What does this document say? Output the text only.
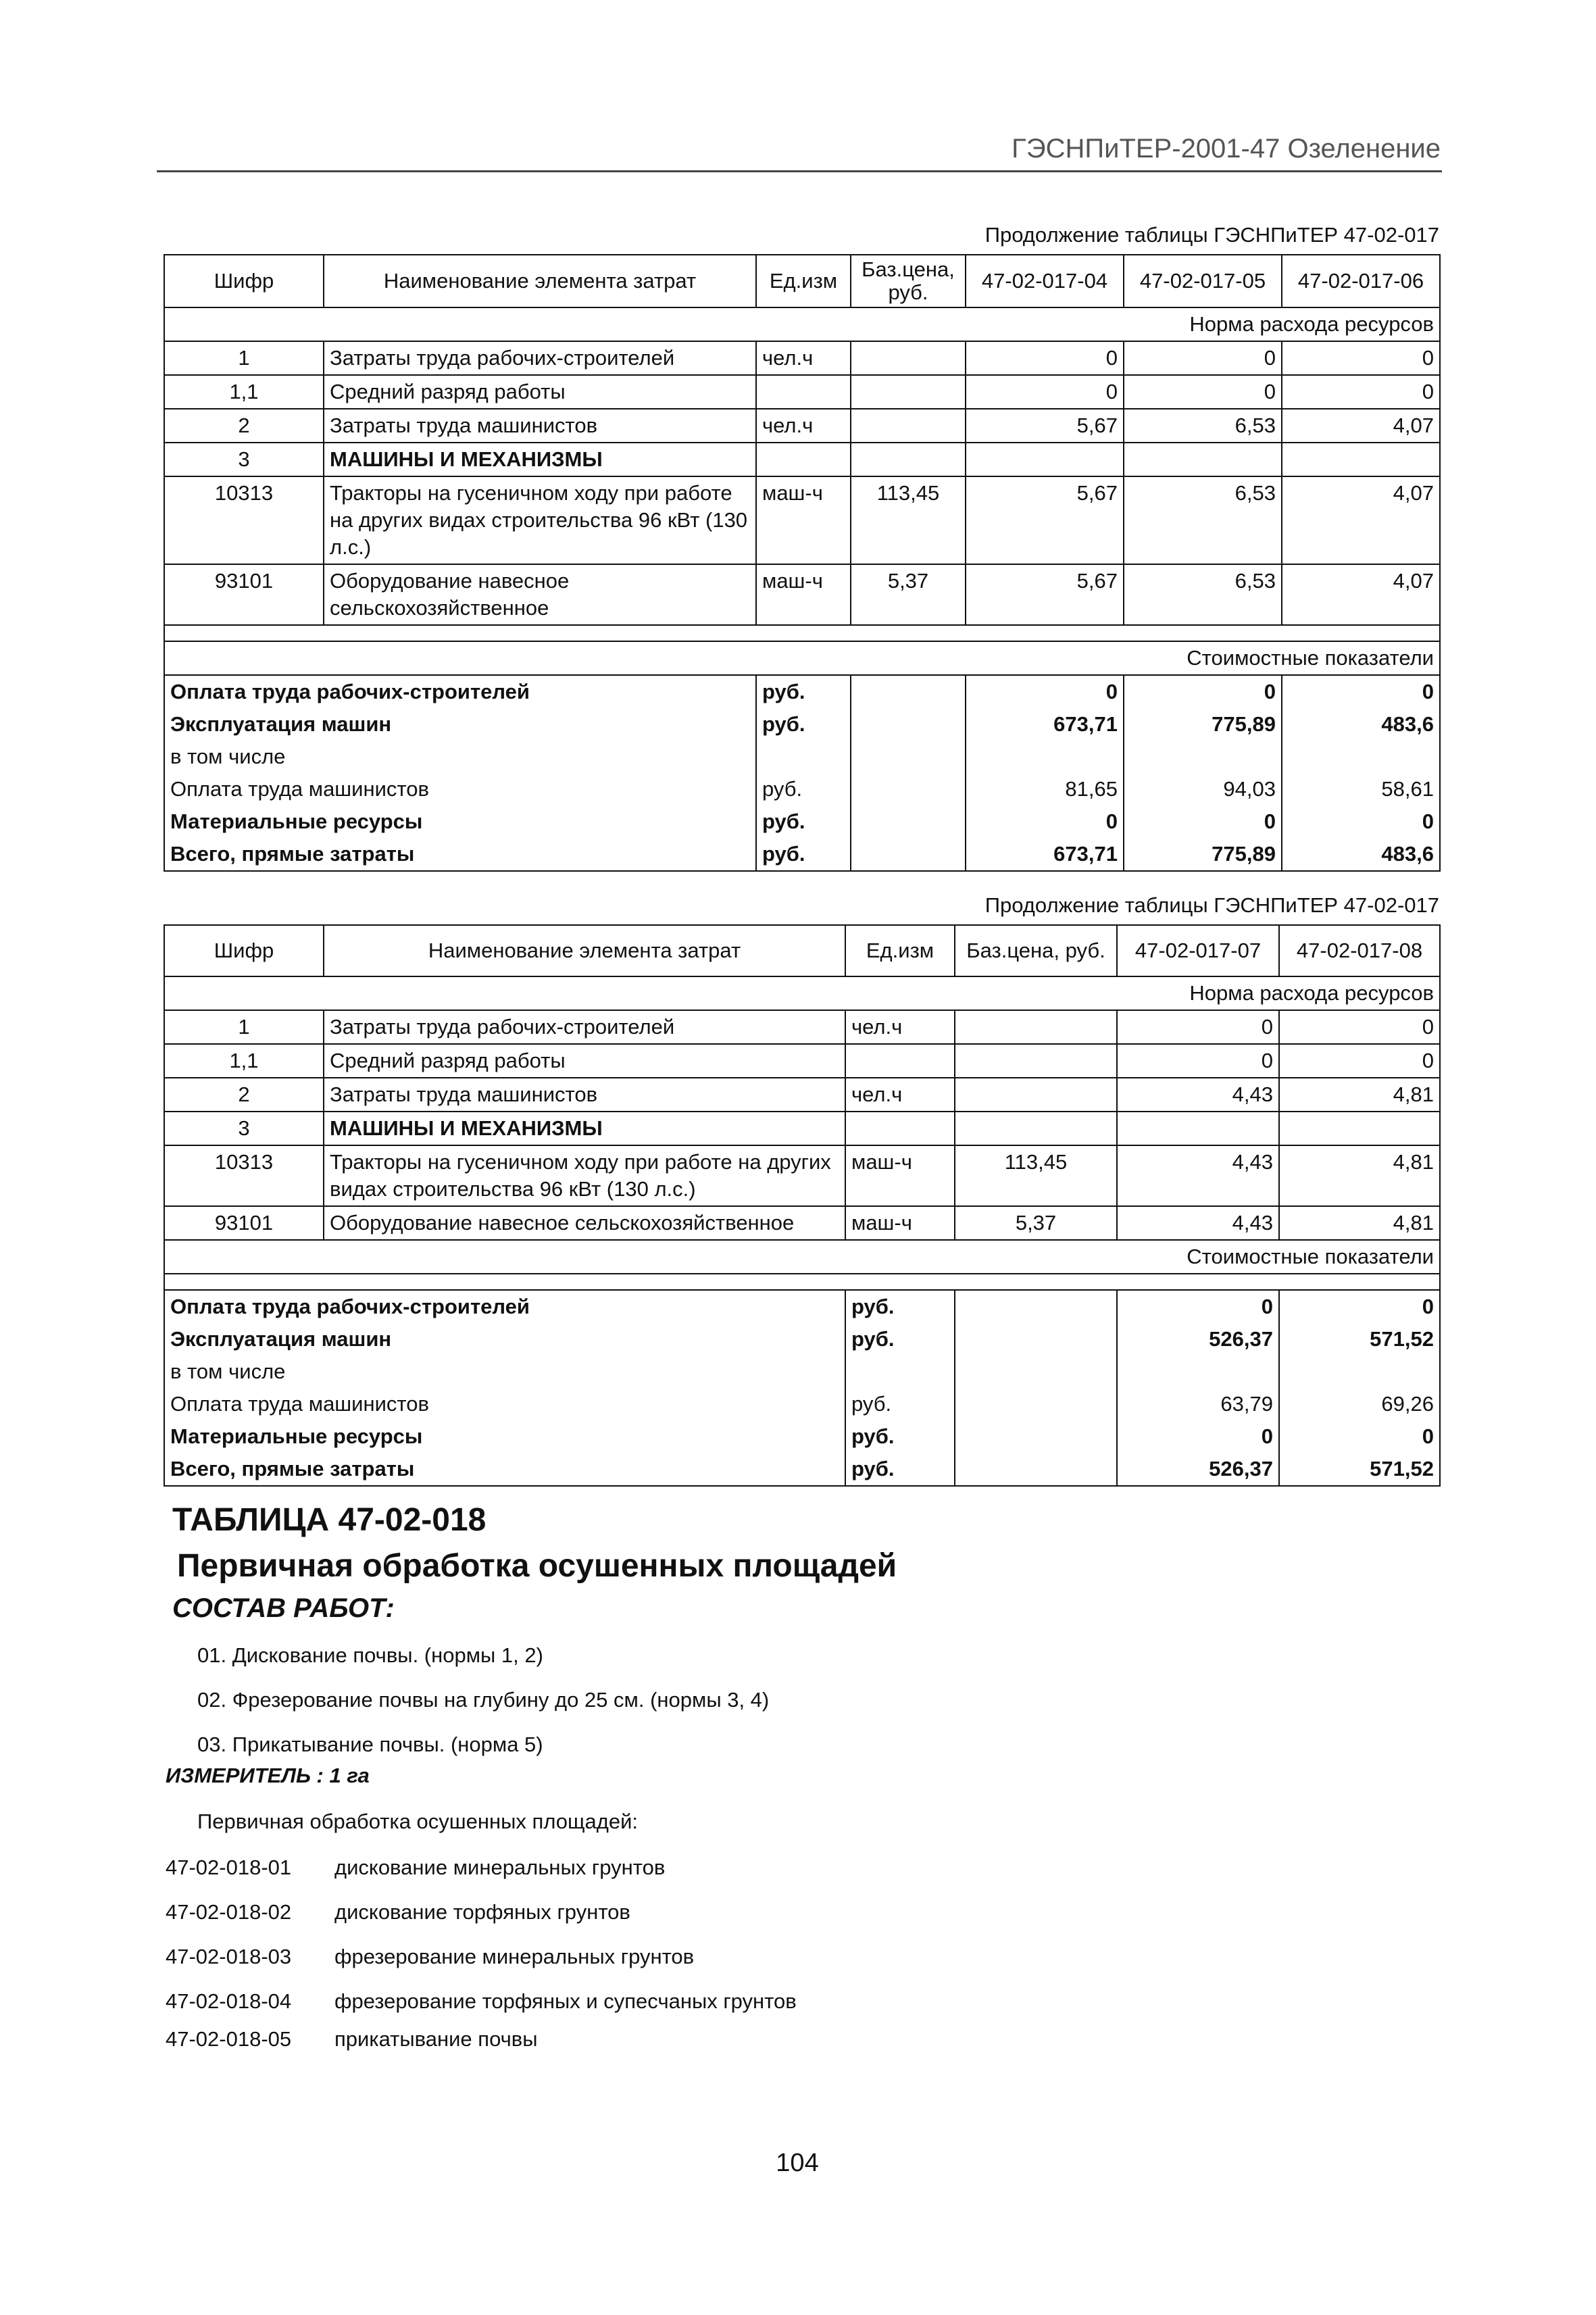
ГЭСНПиТЕР-2001-47 Озеленение
Продолжение таблицы ГЭСНПиТЕР 47-02-017
Шифр	Наименование элемента затрат	Ед.изм	Баз.цена, руб.	47-02-017-04	47-02-017-05	47-02-017-06
Норма расхода ресурсов						
1	Затраты труда рабочих-строителей	чел.ч		0	0	0
1,1	Средний разряд работы			0	0	0
2	Затраты труда машинистов	чел.ч		5,67	6,53	4,07
3	МАШИНЫ И МЕХАНИЗМЫ					
10313	Тракторы на гусеничном ходу при работе на других видах строительства 96 кВт (130 л.с.)	маш-ч	113,45	5,67	6,53	4,07
93101	Оборудование навесное сельскохозяйственное	маш-ч	5,37	5,67	6,53	4,07

Стоимостные показатели						
Оплата труда рабочих-строителей		руб.		0	0	0
Эксплуатация машин		руб.		673,71	775,89	483,6
в том числе						
Оплата труда машинистов		руб.		81,65	94,03	58,61
Материальные ресурсы		руб.		0	0	0
Всего, прямые затраты		руб.		673,71	775,89	483,6
Продолжение таблицы ГЭСНПиТЕР 47-02-017
Шифр	Наименование элемента затрат	Ед.изм	Баз.цена, руб.	47-02-017-07	47-02-017-08
Норма расхода ресурсов					
1	Затраты труда рабочих-строителей	чел.ч		0	0
1,1	Средний разряд работы			0	0
2	Затраты труда машинистов	чел.ч		4,43	4,81
3	МАШИНЫ И МЕХАНИЗМЫ				
10313	Тракторы на гусеничном ходу при работе на других видах строительства 96 кВт (130 л.с.)	маш-ч	113,45	4,43	4,81
93101	Оборудование навесное сельскохозяйственное	маш-ч	5,37	4,43	4,81
Стоимостные показатели					

Оплата труда рабочих-строителей		руб.		0	0
Эксплуатация машин		руб.		526,37	571,52
в том числе					
Оплата труда машинистов		руб.		63,79	69,26
Материальные ресурсы		руб.		0	0
Всего, прямые затраты		руб.		526,37	571,52
ТАБЛИЦА 47-02-018
Первичная обработка осушенных площадей
СОСТАВ РАБОТ:
01. Дискование почвы. (нормы 1, 2)
02. Фрезерование почвы на глубину до 25 см. (нормы 3, 4)
03. Прикатывание почвы. (норма 5)
ИЗМЕРИТЕЛЬ : 1 га
Первичная обработка осушенных площадей:
47-02-018-01 дискование минеральных грунтов
47-02-018-02 дискование торфяных грунтов
47-02-018-03 фрезерование минеральных грунтов
47-02-018-04 фрезерование торфяных и супесчаных грунтов
47-02-018-05 прикатывание почвы
104
